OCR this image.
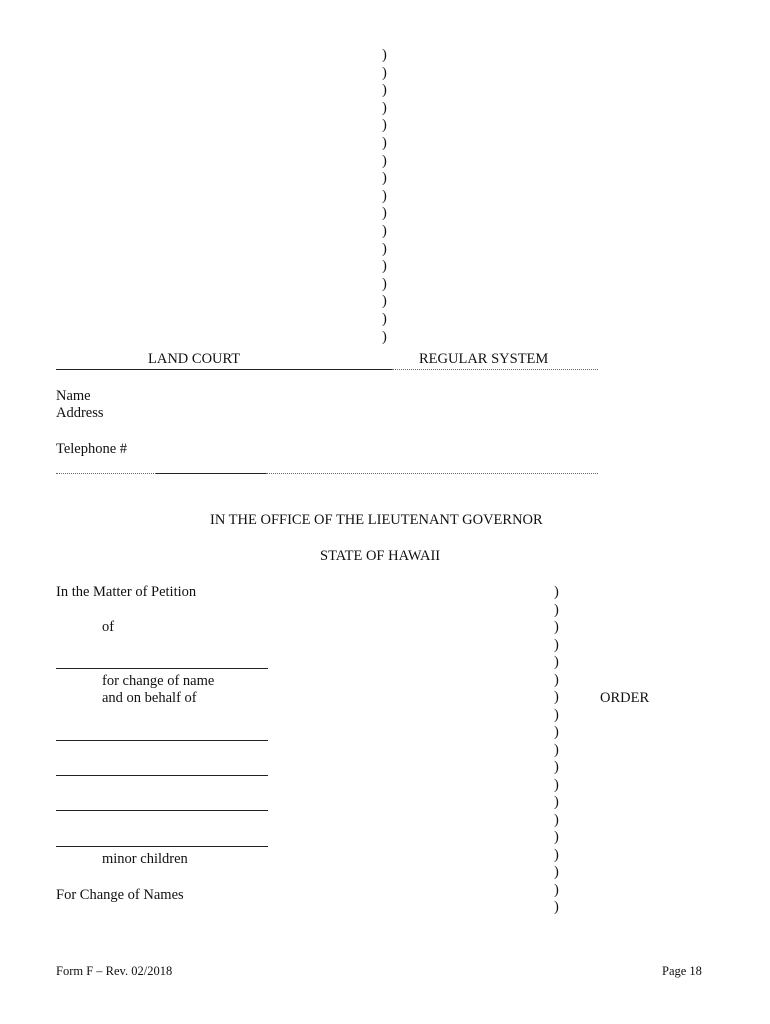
)
)
)
)
)
)
)
)
)
)
)
)
)
)
)
)
)
LAND COURT	REGULAR SYSTEM
Name
Address
Telephone #
IN THE OFFICE OF THE LIEUTENANT GOVERNOR
STATE OF HAWAII
In the Matter of Petition
of
for change of name
and on behalf of
minor children
For Change of Names
)
)
)
)
)
)
)
)
)
)
)
)
)
)
)
)
)
)
)
ORDER
Form F – Rev. 02/2018	Page 18
